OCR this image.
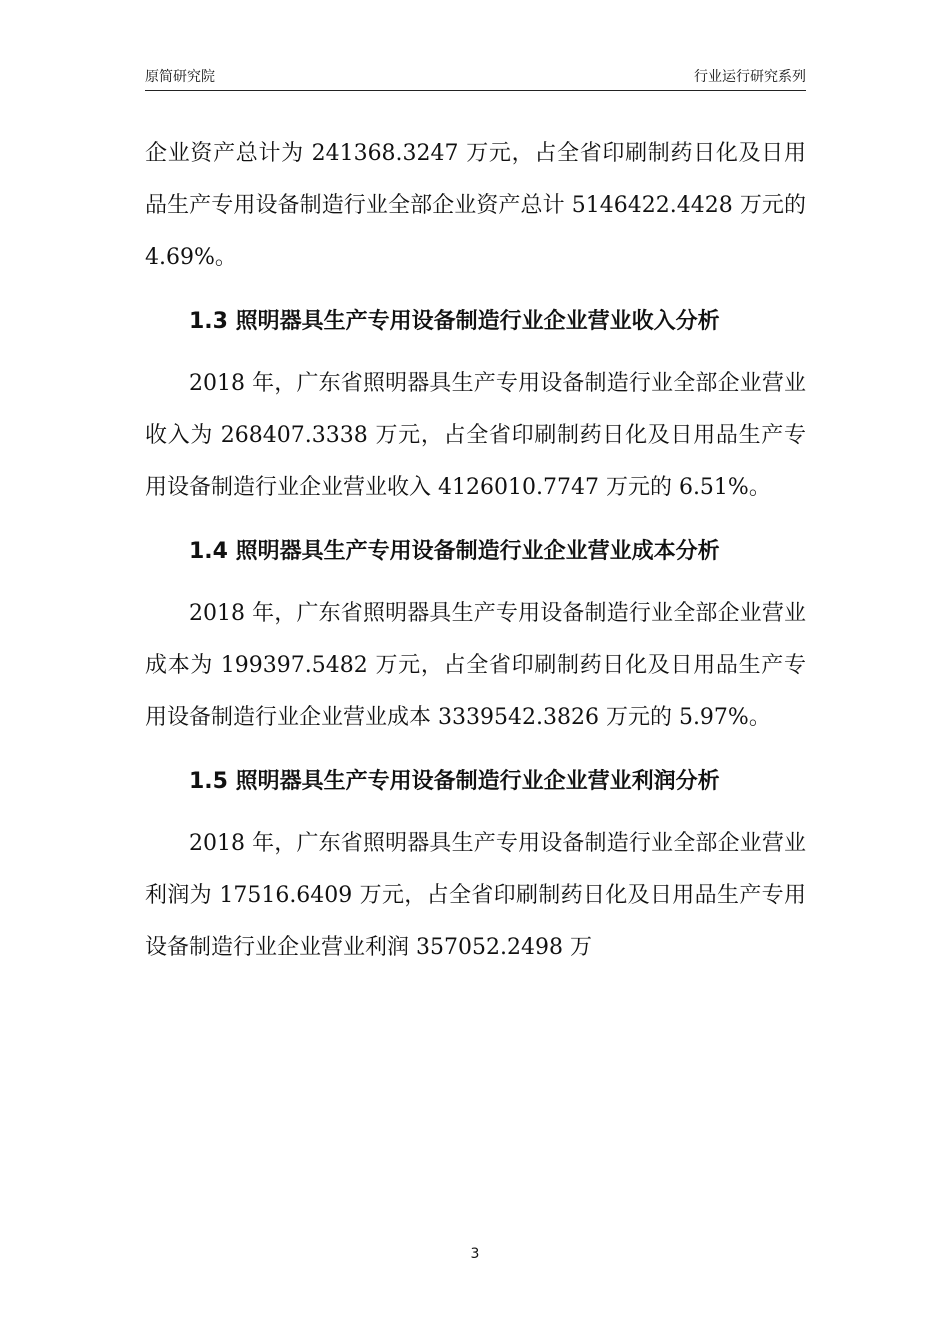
原简研究院	行业运行研究系列

企业资产总计为 241368.3247 万元，占全省印刷制药日化及日用品生产专用设备制造行业全部企业资产总计 5146422.4428 万元的 4.69%。

1.3 照明器具生产专用设备制造行业企业营业收入分析

2018 年，广东省照明器具生产专用设备制造行业全部企业营业收入为 268407.3338 万元，占全省印刷制药日化及日用品生产专用设备制造行业企业营业收入 4126010.7747 万元的 6.51%。

1.4 照明器具生产专用设备制造行业企业营业成本分析

2018 年，广东省照明器具生产专用设备制造行业全部企业营业成本为 199397.5482 万元，占全省印刷制药日化及日用品生产专用设备制造行业企业营业成本 3339542.3826 万元的 5.97%。

1.5 照明器具生产专用设备制造行业企业营业利润分析

2018 年，广东省照明器具生产专用设备制造行业全部企业营业利润为 17516.6409 万元，占全省印刷制药日化及日用品生产专用设备制造行业企业营业利润 357052.2498 万

3
